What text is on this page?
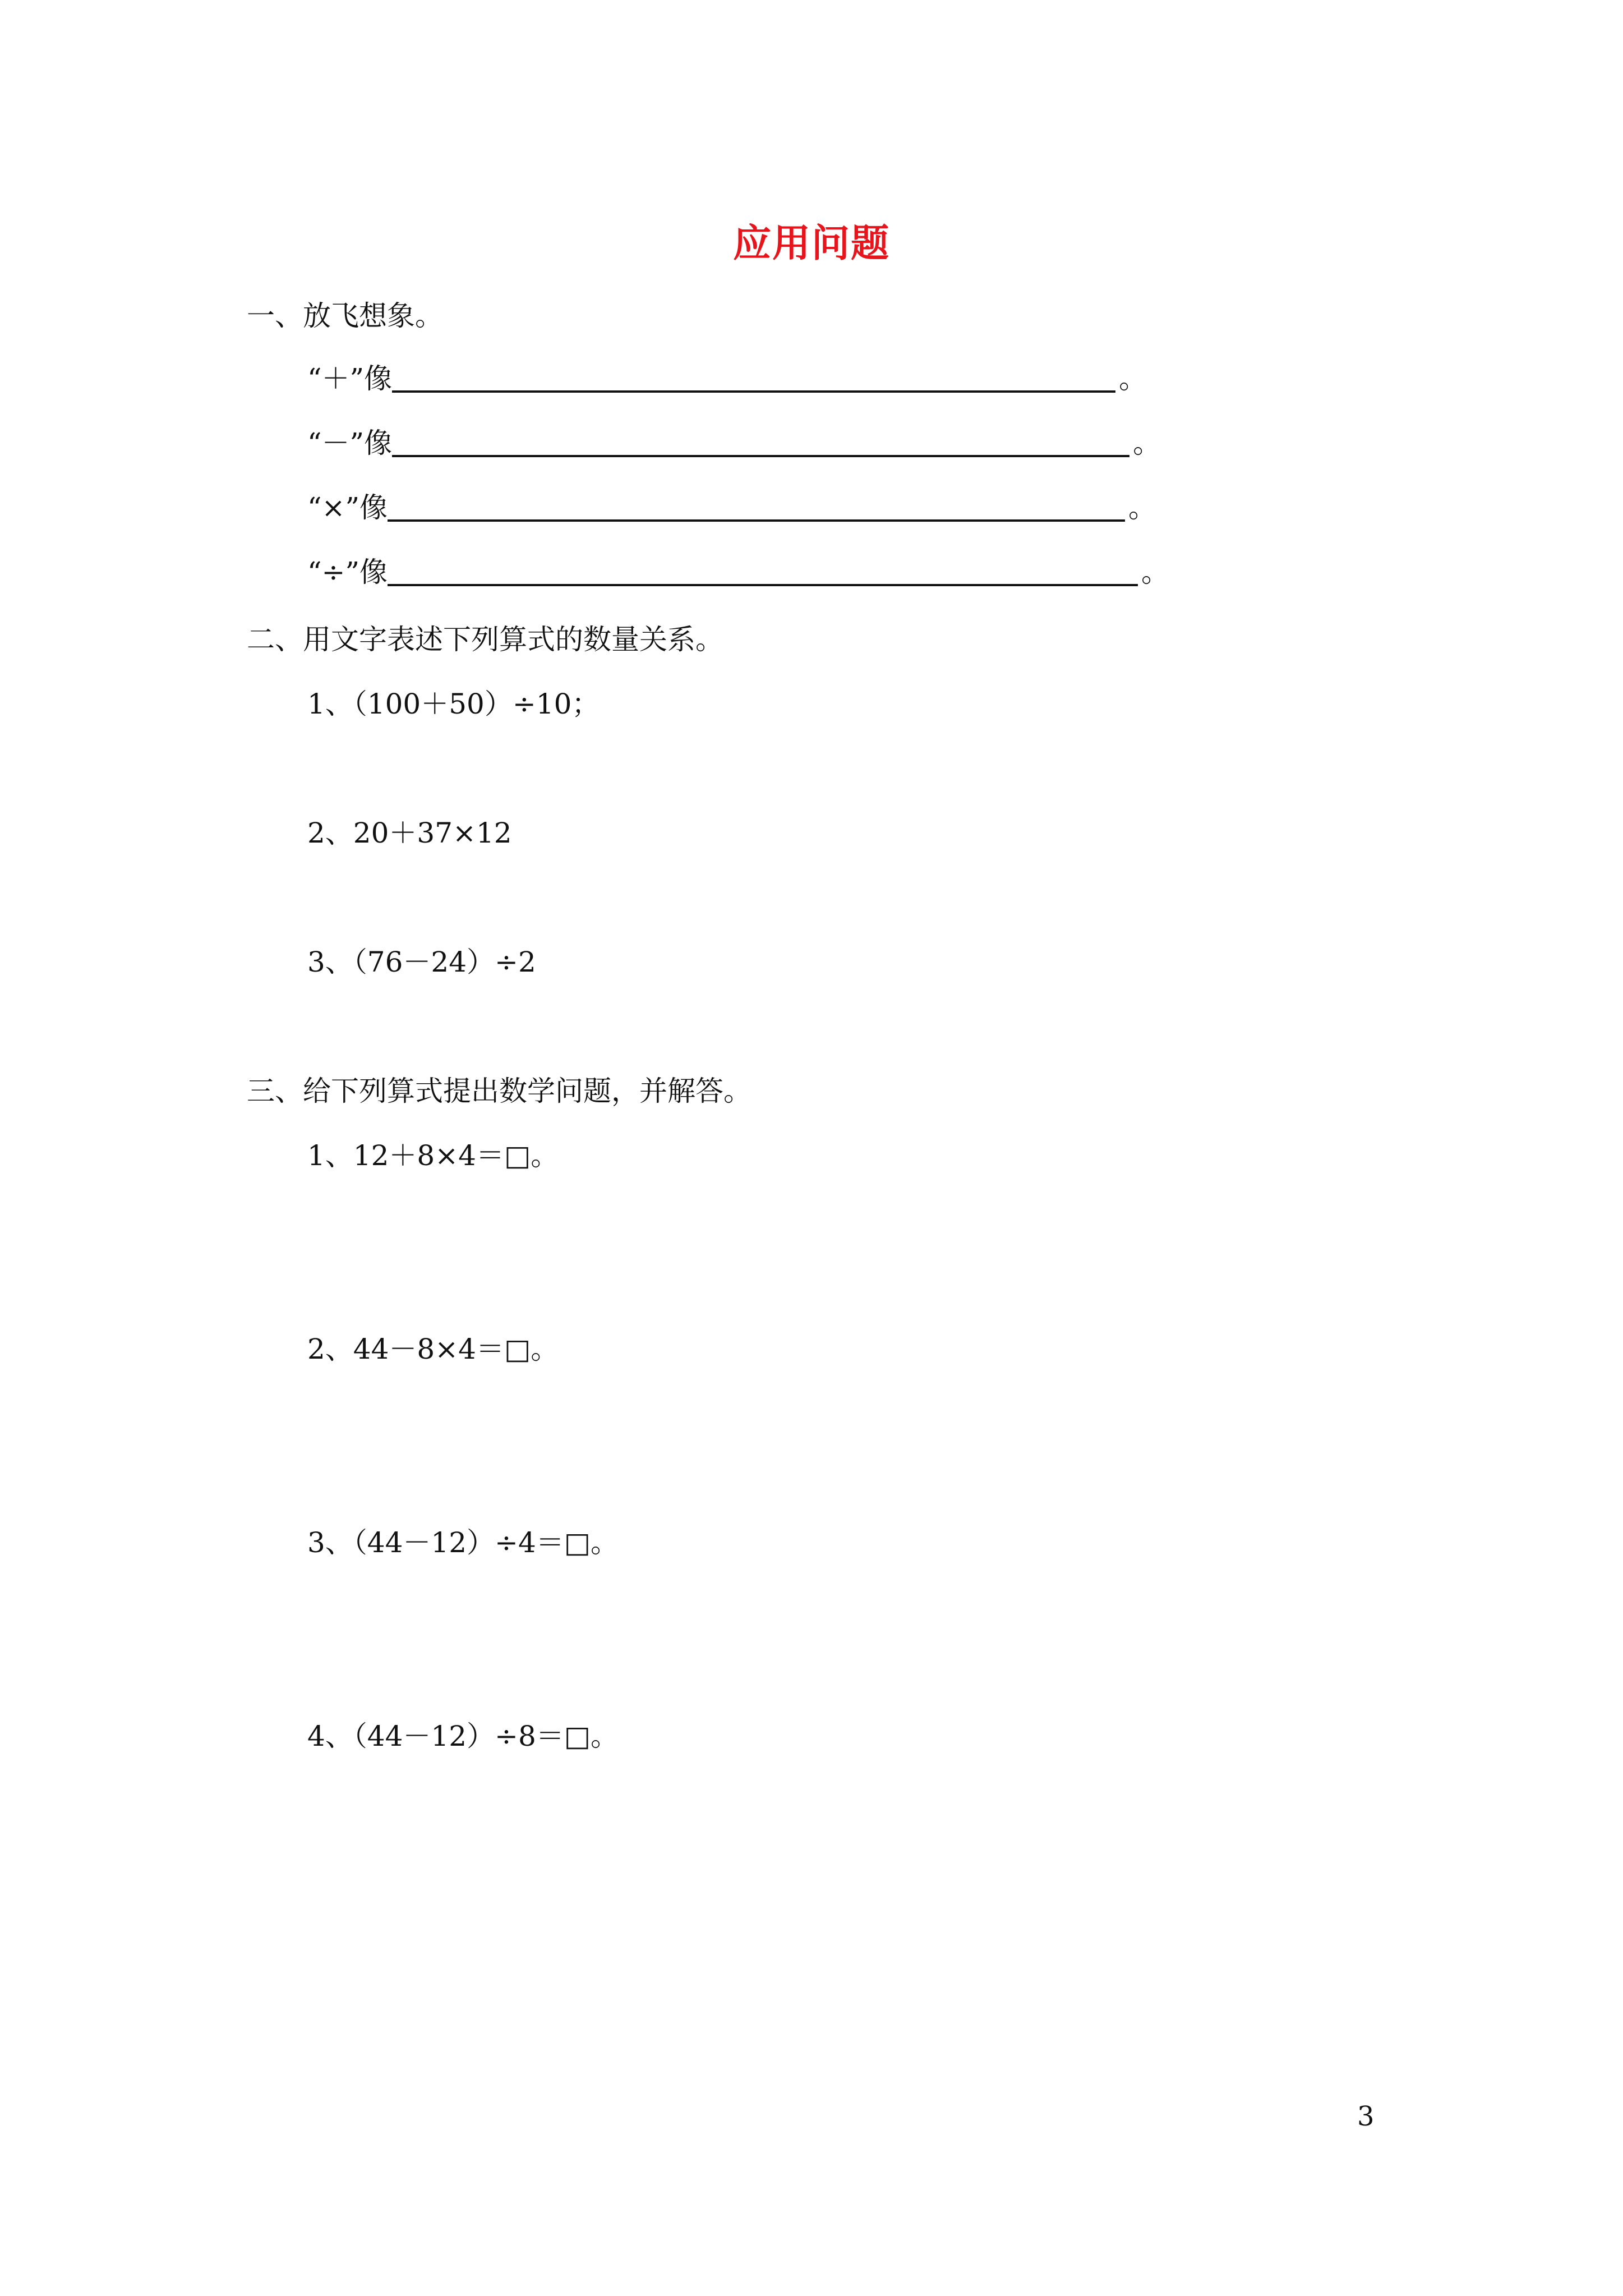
应用问题
一、放飞想象。
“＋”像	。
“－”像	。
“×”像	。
“÷”像	。
二、用文字表述下列算式的数量关系。
1、（100＋50）÷10；
2、20＋37×12
3、（76－24）÷2
三、给下列算式提出数学问题，并解答。
1、12＋8×4＝□。
2、44－8×4＝□。
3、（44－12）÷4＝□。
4、（44－12）÷8＝□。
3
